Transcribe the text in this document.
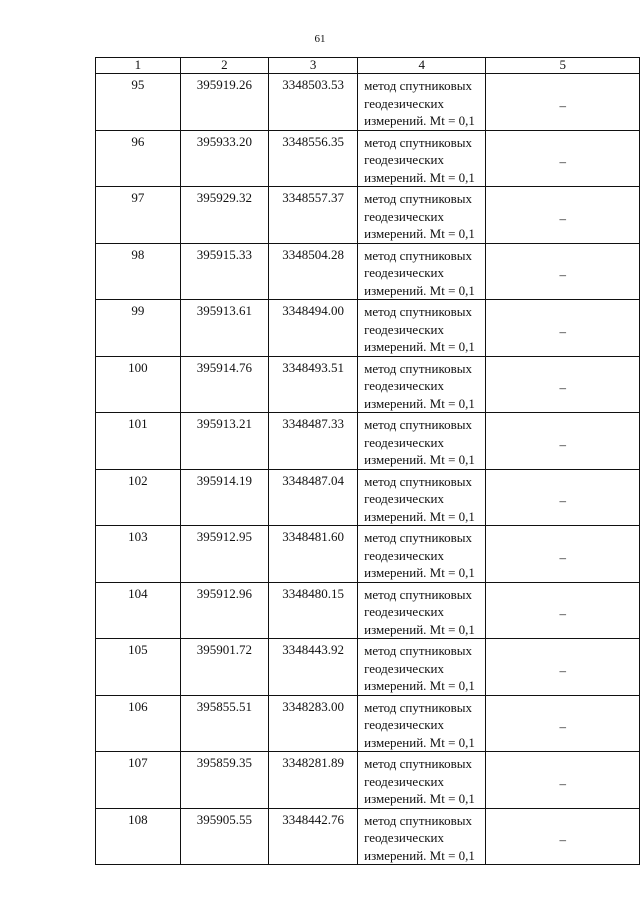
61
1	2	3	4	5

95	395919.26	3348503.53	метод спутниковых
геодезических
измерений. Mt = 0,1	–

96	395933.20	3348556.35	метод спутниковых
геодезических
измерений. Mt = 0,1	–

97	395929.32	3348557.37	метод спутниковых
геодезических
измерений. Mt = 0,1	–

98	395915.33	3348504.28	метод спутниковых
геодезических
измерений. Mt = 0,1	–

99	395913.61	3348494.00	метод спутниковых
геодезических
измерений. Mt = 0,1	–

100	395914.76	3348493.51	метод спутниковых
геодезических
измерений. Mt = 0,1	–

101	395913.21	3348487.33	метод спутниковых
геодезических
измерений. Mt = 0,1	–

102	395914.19	3348487.04	метод спутниковых
геодезических
измерений. Mt = 0,1	–

103	395912.95	3348481.60	метод спутниковых
геодезических
измерений. Mt = 0,1	–

104	395912.96	3348480.15	метод спутниковых
геодезических
измерений. Mt = 0,1	–

105	395901.72	3348443.92	метод спутниковых
геодезических
измерений. Mt = 0,1	–

106	395855.51	3348283.00	метод спутниковых
геодезических
измерений. Mt = 0,1	–

107	395859.35	3348281.89	метод спутниковых
геодезических
измерений. Mt = 0,1	–

108	395905.55	3348442.76	метод спутниковых
геодезических
измерений. Mt = 0,1	–
